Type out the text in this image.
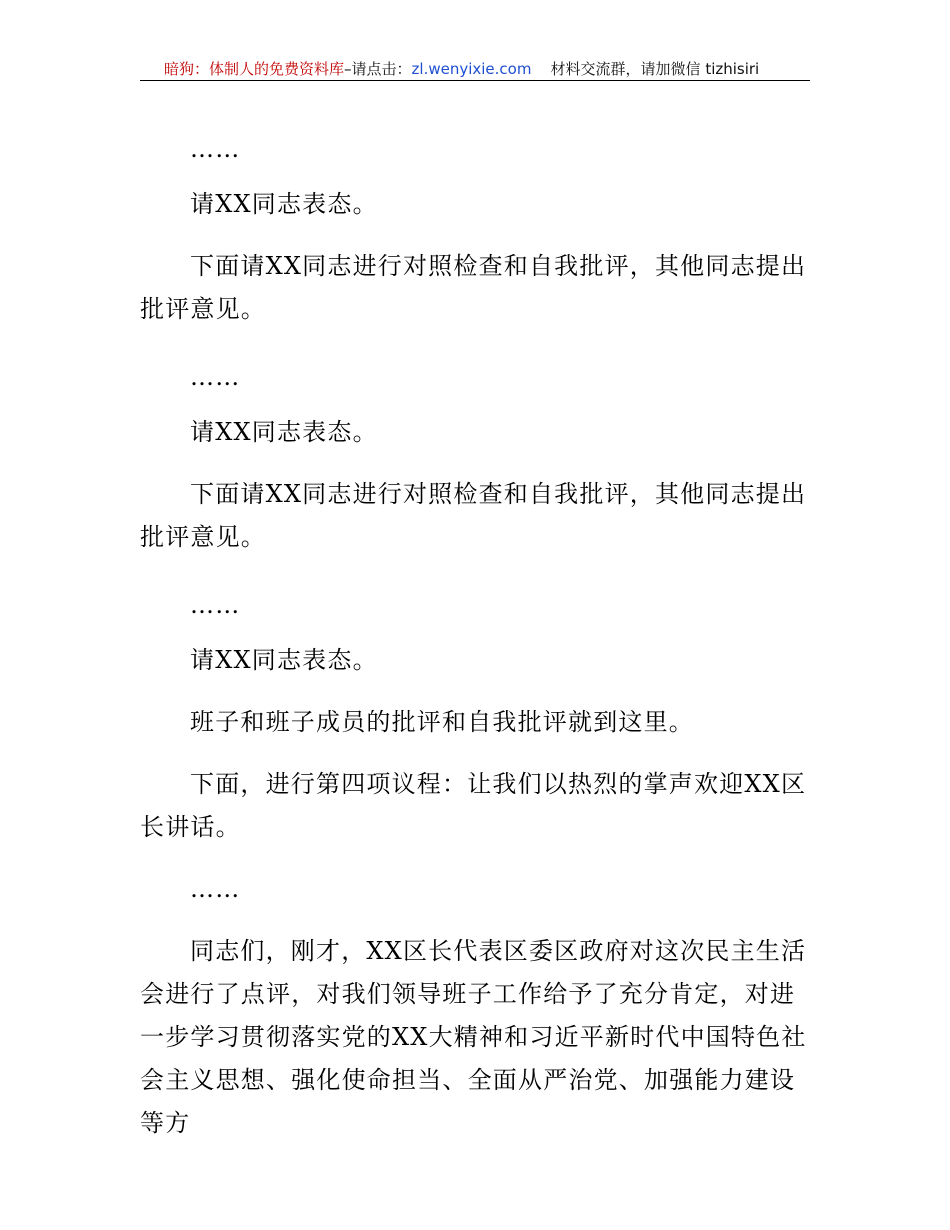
暗狗：体制人的免费资料库–请点击：zl.wenyixie.com 材料交流群，请加微信 tizhisiri

……

请XX同志表态。

下面请XX同志进行对照检查和自我批评，其他同志提出批评意见。

……

请XX同志表态。

下面请XX同志进行对照检查和自我批评，其他同志提出批评意见。

……

请XX同志表态。

班子和班子成员的批评和自我批评就到这里。

下面，进行第四项议程：让我们以热烈的掌声欢迎XX区长讲话。

……

同志们，刚才，XX区长代表区委区政府对这次民主生活会进行了点评，对我们领导班子工作给予了充分肯定，对进一步学习贯彻落实党的XX大精神和习近平新时代中国特色社会主义思想、强化使命担当、全面从严治党、加强能力建设等方
